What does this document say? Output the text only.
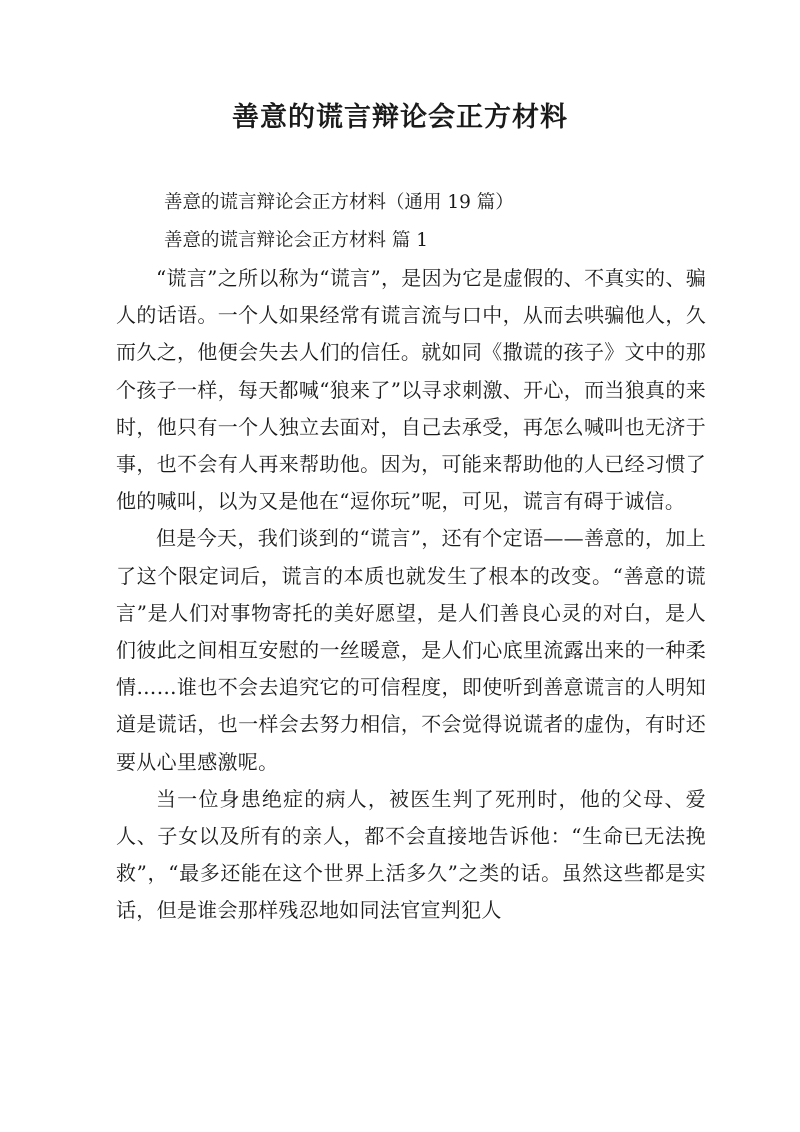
善意的谎言辩论会正方材料
善意的谎言辩论会正方材料（通用 19 篇）
善意的谎言辩论会正方材料 篇 1

“谎言”之所以称为“谎言”，是因为它是虚假的、不真实的、骗人的话语。一个人如果经常有谎言流与口中，从而去哄骗他人，久而久之，他便会失去人们的信任。就如同《撒谎的孩子》文中的那个孩子一样，每天都喊“狼来了”以寻求刺激、开心，而当狼真的来时，他只有一个人独立去面对，自己去承受，再怎么喊叫也无济于事，也不会有人再来帮助他。因为，可能来帮助他的人已经习惯了他的喊叫，以为又是他在“逗你玩”呢，可见，谎言有碍于诚信。

但是今天，我们谈到的“谎言”，还有个定语——善意的，加上了这个限定词后，谎言的本质也就发生了根本的改变。“善意的谎言”是人们对事物寄托的美好愿望，是人们善良心灵的对白，是人们彼此之间相互安慰的一丝暖意，是人们心底里流露出来的一种柔情……谁也不会去追究它的可信程度，即使听到善意谎言的人明知道是谎话，也一样会去努力相信，不会觉得说谎者的虚伪，有时还要从心里感激呢。

当一位身患绝症的病人，被医生判了死刑时，他的父母、爱人、子女以及所有的亲人，都不会直接地告诉他：“生命已无法挽救”，“最多还能在这个世界上活多久”之类的话。虽然这些都是实话，但是谁会那样残忍地如同法官宣判犯人
